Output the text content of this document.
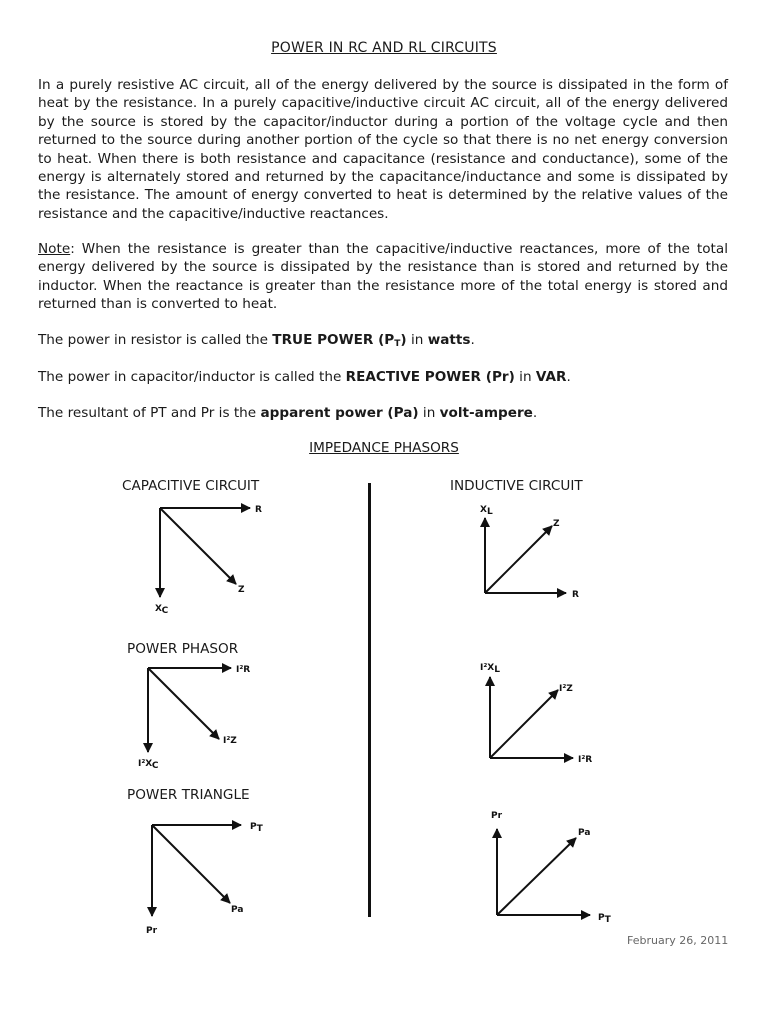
POWER IN RC AND RL CIRCUITS

In a purely resistive AC circuit, all of the energy delivered by the source is dissipated in the form of heat by the resistance. In a purely capacitive/inductive circuit AC circuit, all of the energy delivered by the source is stored by the capacitor/inductor during a portion of the voltage cycle and then returned to the source during another portion of the cycle so that there is no net energy conversion to heat. When there is both resistance and capacitance (resistance and conductance), some of the energy is alternately stored and returned by the capacitance/inductance and some is dissipated by the resistance. The amount of energy converted to heat is determined by the relative values of the resistance and the capacitive/inductive reactances.

Note: When the resistance is greater than the capacitive/inductive reactances, more of the total energy delivered by the source is dissipated by the resistance than is stored and returned by the inductor. When the reactance is greater than the resistance more of the total energy is stored and returned than is converted to heat.

The power in resistor is called the TRUE POWER $(P_T)$ in watts.
The power in capacitor/inductor is called the REACTIVE POWER (Pr) in VAR.
The resultant of PT and Pr is the apparent power (Pa) in volt-ampere.
IMPEDANCE PHASORS
CAPACITIVE CIRCUIT	INDUCTIVE CIRCUIT
POWER PHASOR
POWER TRIANGLE
R
Z
XC
XL
Z
R
I²R
I²Z
I²XC
I²XL
I²Z
I²R
PT
Pa
Pr
Pr
Pa
PT
February 26, 2011
